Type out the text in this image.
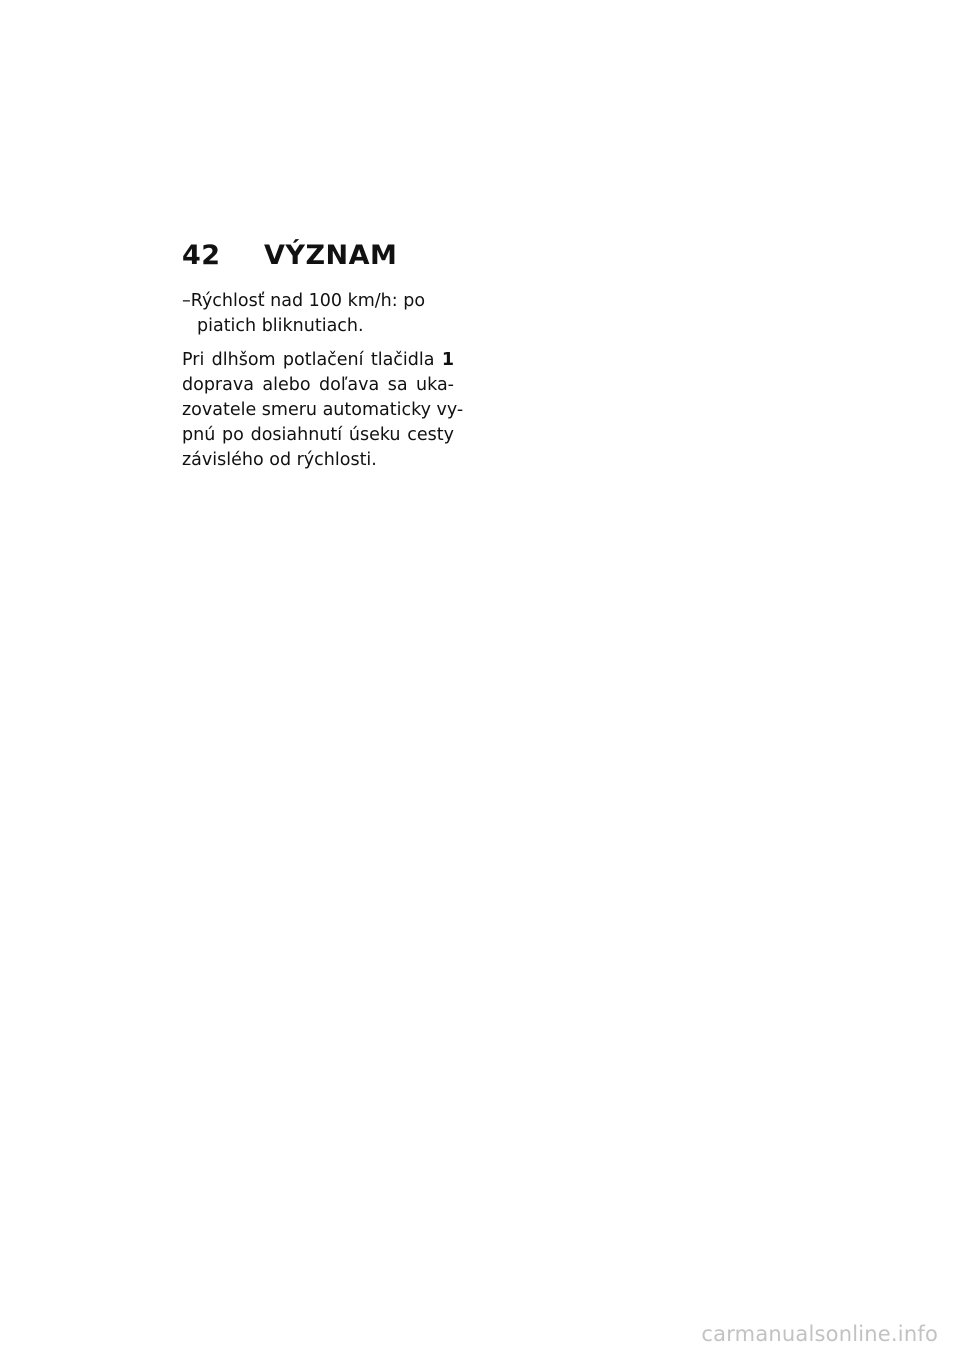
42	VÝZNAM
–Rýchlosť nad 100 km/h: po
piatich bliknutiach.

Pri dlhšom potlačení tlačidla 1
doprava alebo doľava sa uka-
zovatele smeru automaticky vy-
pnú po dosiahnutí úseku cesty
závislého od rýchlosti.

carmanualsonline.info
